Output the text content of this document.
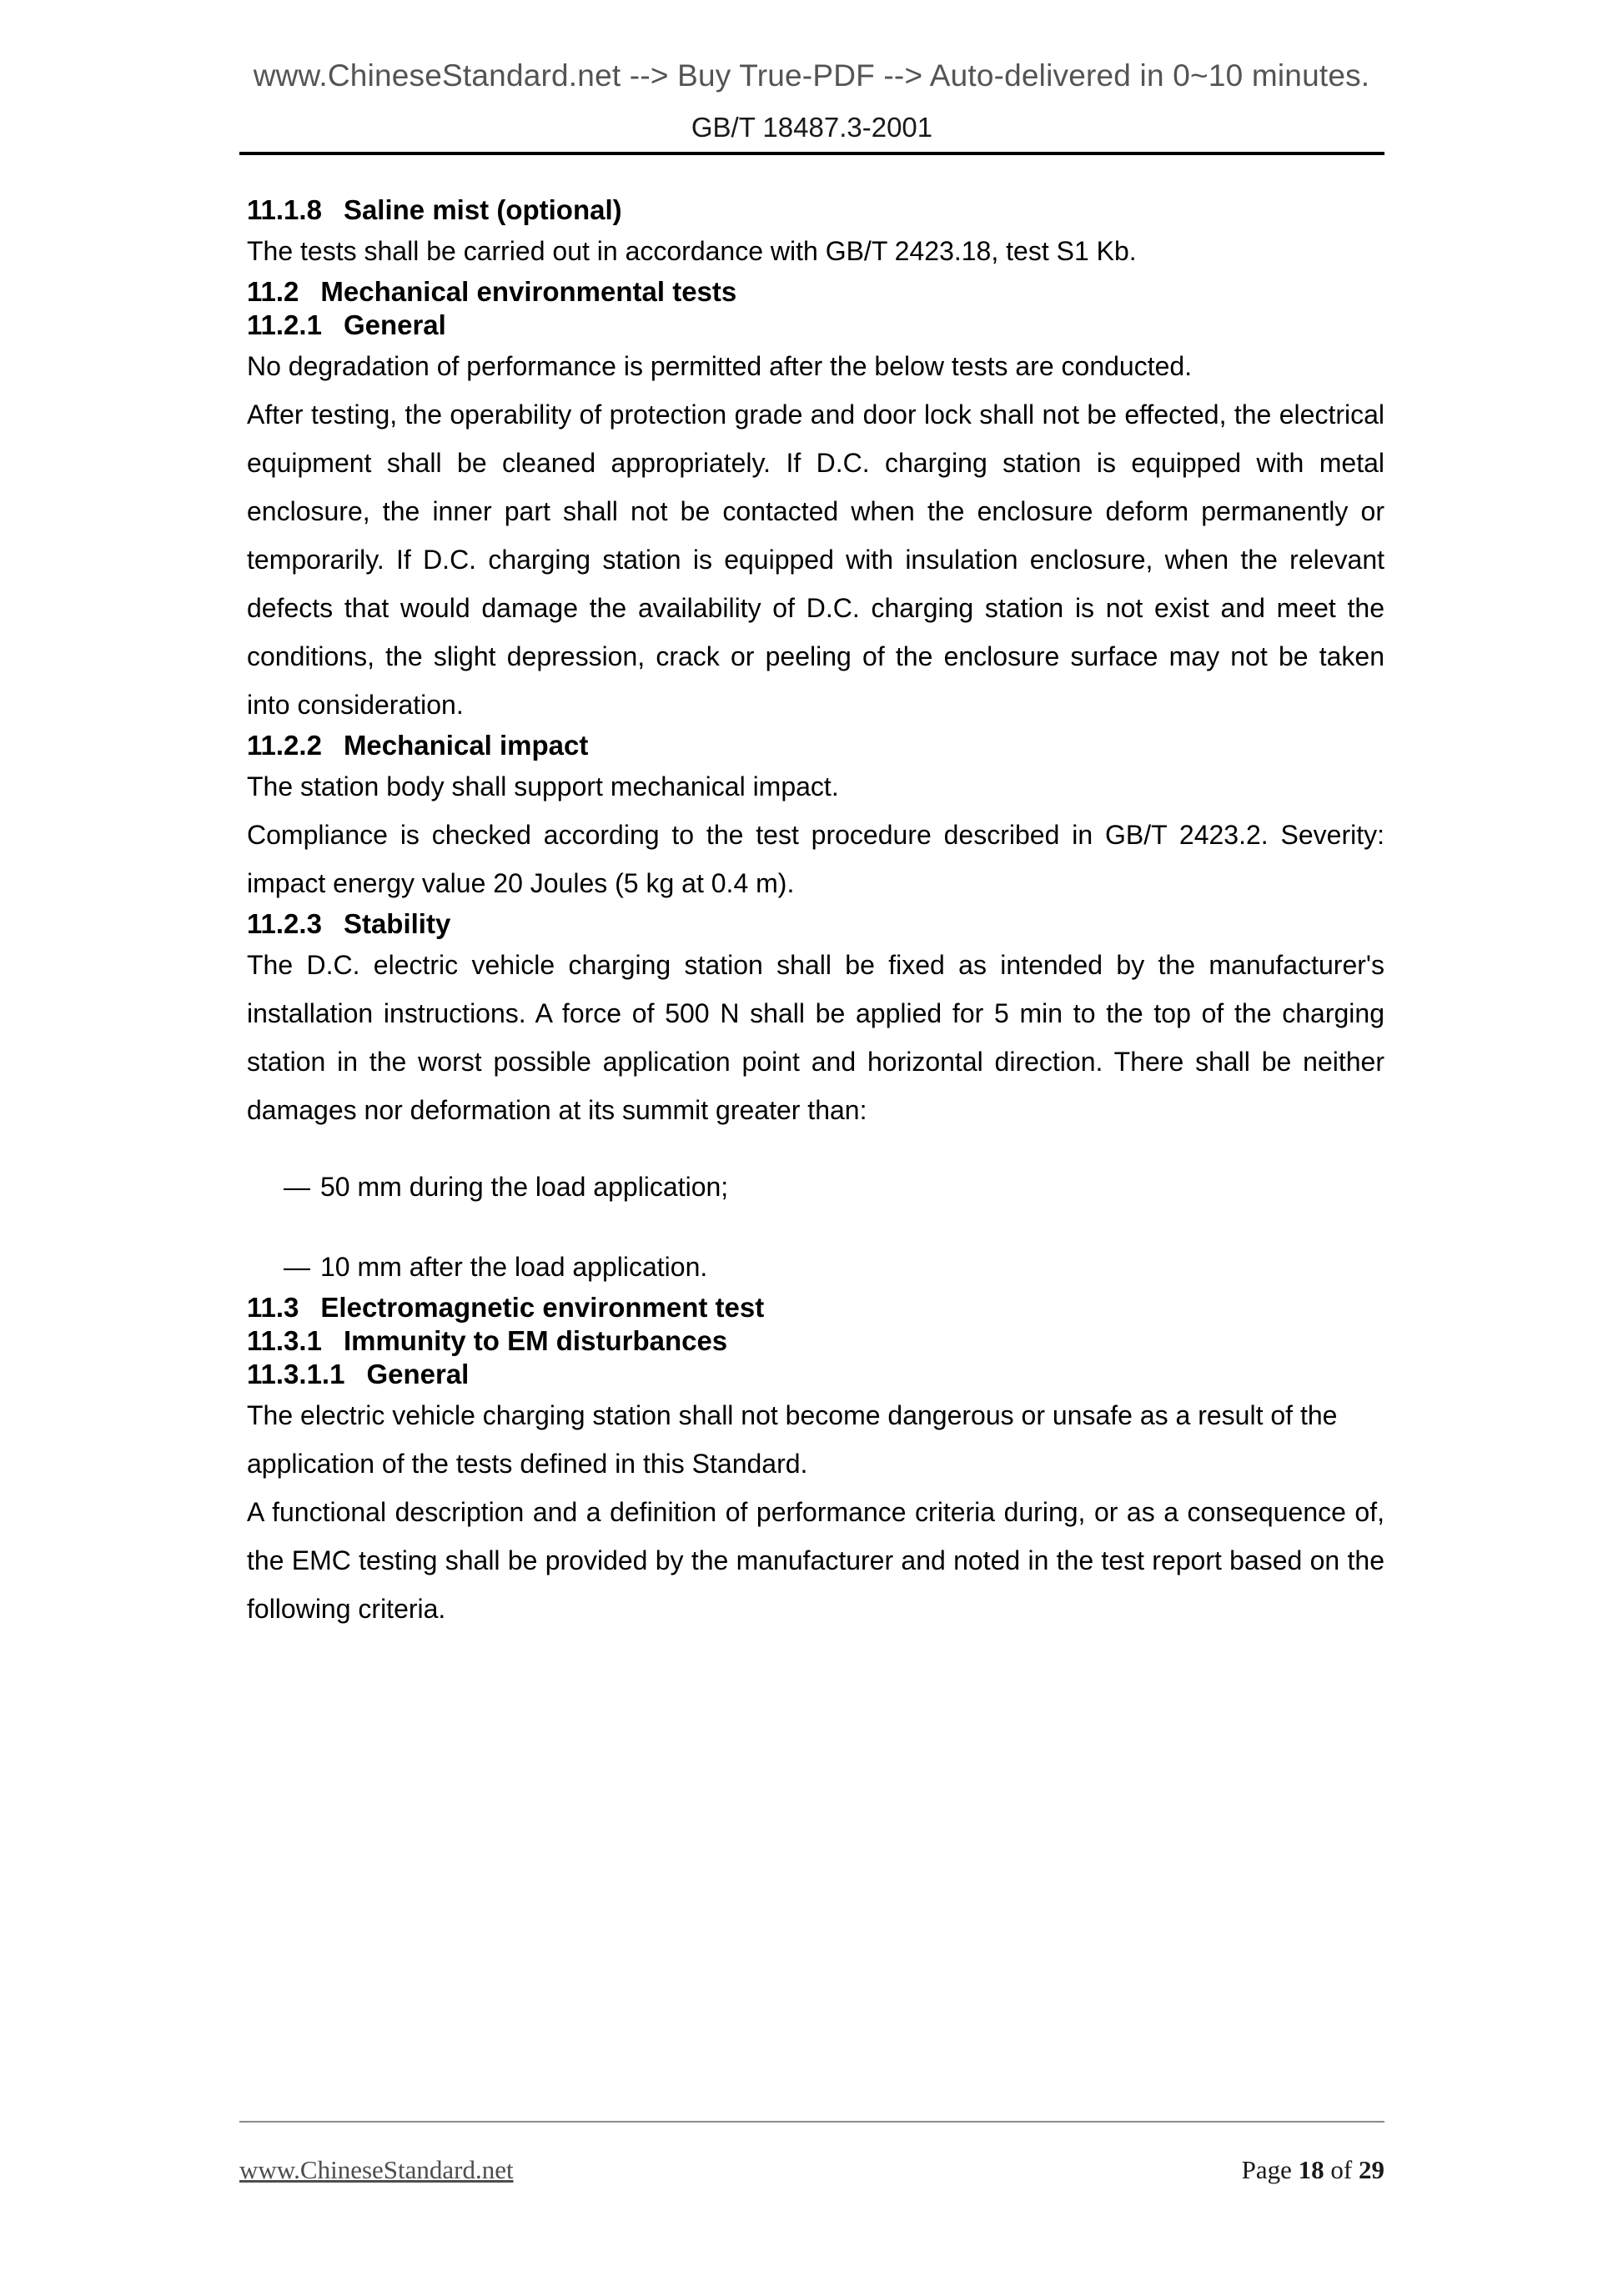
www.ChineseStandard.net --> Buy True-PDF --> Auto-delivered in 0~10 minutes.
GB/T 18487.3-2001
11.1.8 Saline mist (optional)

The tests shall be carried out in accordance with GB/T 2423.18, test S1 Kb.

11.2 Mechanical environmental tests
11.2.1 General

No degradation of performance is permitted after the below tests are conducted.

After testing, the operability of protection grade and door lock shall not be effected, the electrical equipment shall be cleaned appropriately. If D.C. charging station is equipped with metal enclosure, the inner part shall not be contacted when the enclosure deform permanently or temporarily. If D.C. charging station is equipped with insulation enclosure, when the relevant defects that would damage the availability of D.C. charging station is not exist and meet the conditions, the slight depression, crack or peeling of the enclosure surface may not be taken into consideration.

11.2.2 Mechanical impact

The station body shall support mechanical impact.

Compliance is checked according to the test procedure described in GB/T 2423.2. Severity: impact energy value 20 Joules (5 kg at 0.4 m).

11.2.3 Stability

The D.C. electric vehicle charging station shall be fixed as intended by the manufacturer's installation instructions. A force of 500 N shall be applied for 5 min to the top of the charging station in the worst possible application point and horizontal direction. There shall be neither damages nor deformation at its summit greater than:

— 50 mm during the load application;
— 10 mm after the load application.
11.3 Electromagnetic environment test
11.3.1 Immunity to EM disturbances
11.3.1.1 General

The electric vehicle charging station shall not become dangerous or unsafe as a result of the application of the tests defined in this Standard.

A functional description and a definition of performance criteria during, or as a consequence of, the EMC testing shall be provided by the manufacturer and noted in the test report based on the following criteria.

www.ChineseStandard.net	Page 18 of 29
